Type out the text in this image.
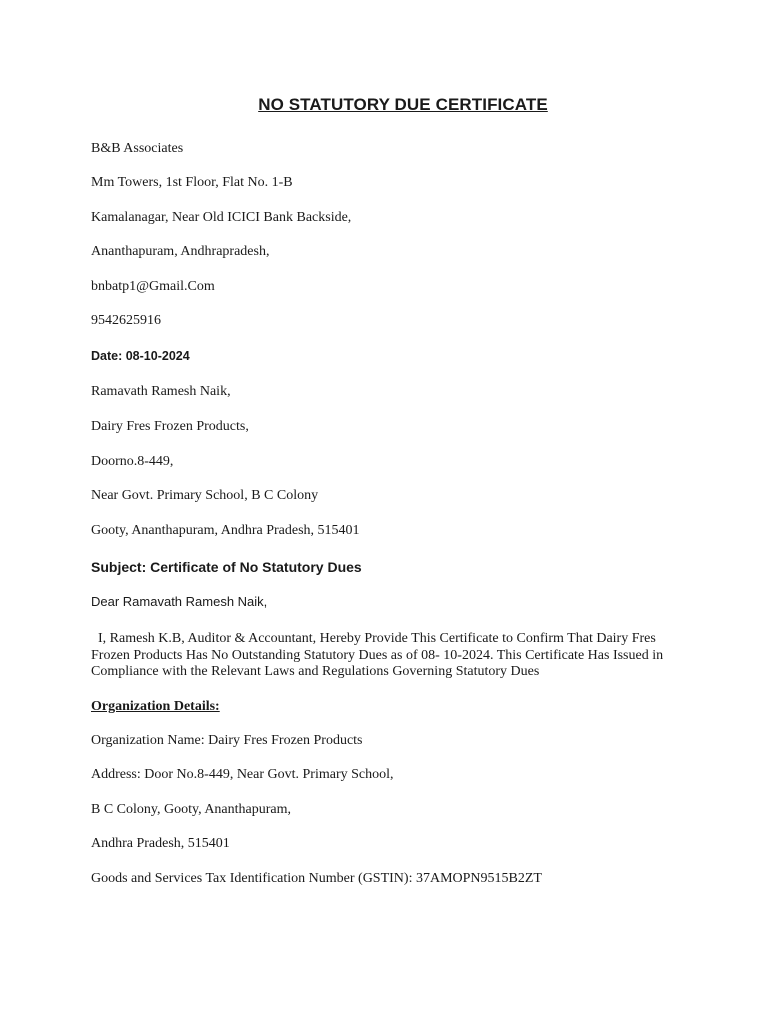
NO STATUTORY DUE CERTIFICATE
B&B Associates
Mm Towers, 1st Floor, Flat No. 1-B
Kamalanagar, Near Old ICICI Bank Backside,
Ananthapuram, Andhrapradesh,
bnbatp1@Gmail.Com
9542625916
Date: 08-10-2024
Ramavath Ramesh Naik,
Dairy Fres Frozen Products,
Doorno.8-449,
Near Govt. Primary School, B C Colony
Gooty, Ananthapuram, Andhra Pradesh, 515401
Subject: Certificate of No Statutory Dues
Dear Ramavath Ramesh Naik,
I, Ramesh K.B, Auditor & Accountant, Hereby Provide This Certificate to Confirm That Dairy Fres
Frozen Products Has No Outstanding Statutory Dues as of 08- 10-2024. This Certificate Has Issued in
Compliance with the Relevant Laws and Regulations Governing Statutory Dues
Organization Details:
Organization Name: Dairy Fres Frozen Products
Address: Door No.8-449, Near Govt. Primary School,
B C Colony, Gooty, Ananthapuram,
Andhra Pradesh, 515401
Goods and Services Tax Identification Number (GSTIN): 37AMOPN9515B2ZT
